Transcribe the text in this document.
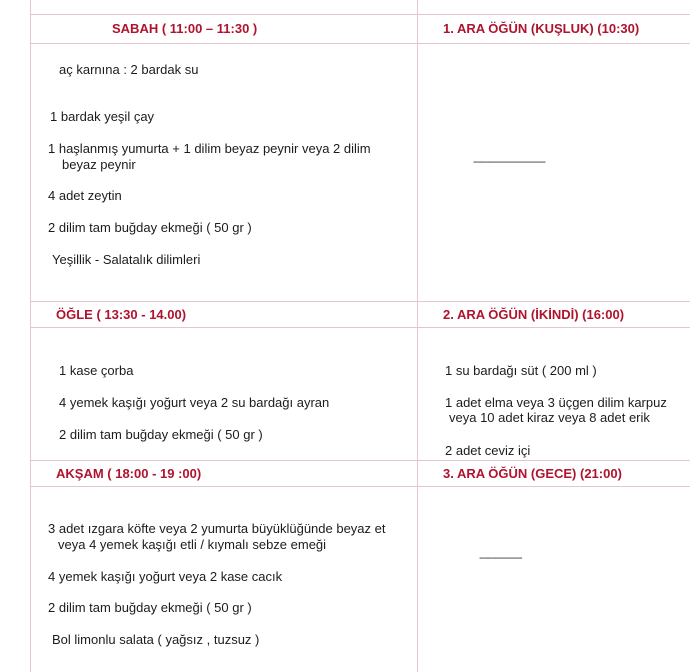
SABAH ( 11:00 – 11:30 )
aç karnına : 2 bardak su
1 bardak yeşil çay
1 haşlanmış yumurta + 1 dilim beyaz peynir veya 2 dilim
beyaz peynir
4 adet zeytin
2 dilim tam buğday ekmeği ( 50 gr )
Yeşillik - Salatalık dilimleri
1. ARA ÖĞÜN (KUŞLUK) (10:30)
---------------------------
ÖĞLE ( 13:30 - 14.00)
1 kase çorba
4 yemek kaşığı yoğurt veya 2 su bardağı ayran
2 dilim tam buğday ekmeği ( 50 gr )
2. ARA ÖĞÜN (İKİNDİ) (16:00)
1 su bardağı süt ( 200 ml )
1 adet elma veya 3 üçgen dilim karpuz
veya 10 adet kiraz veya 8 adet erik
2 adet ceviz içi
AKŞAM ( 18:00 - 19 :00)
3 adet ızgara köfte veya 2 yumurta büyüklüğünde beyaz et
veya 4 yemek kaşığı etli / kıymalı sebze emeği
4 yemek kaşığı yoğurt veya 2 kase cacık
2 dilim tam buğday ekmeği ( 50 gr )
Bol limonlu salata ( yağsız , tuzsuz )
3. ARA ÖĞÜN (GECE) (21:00)
----------------
